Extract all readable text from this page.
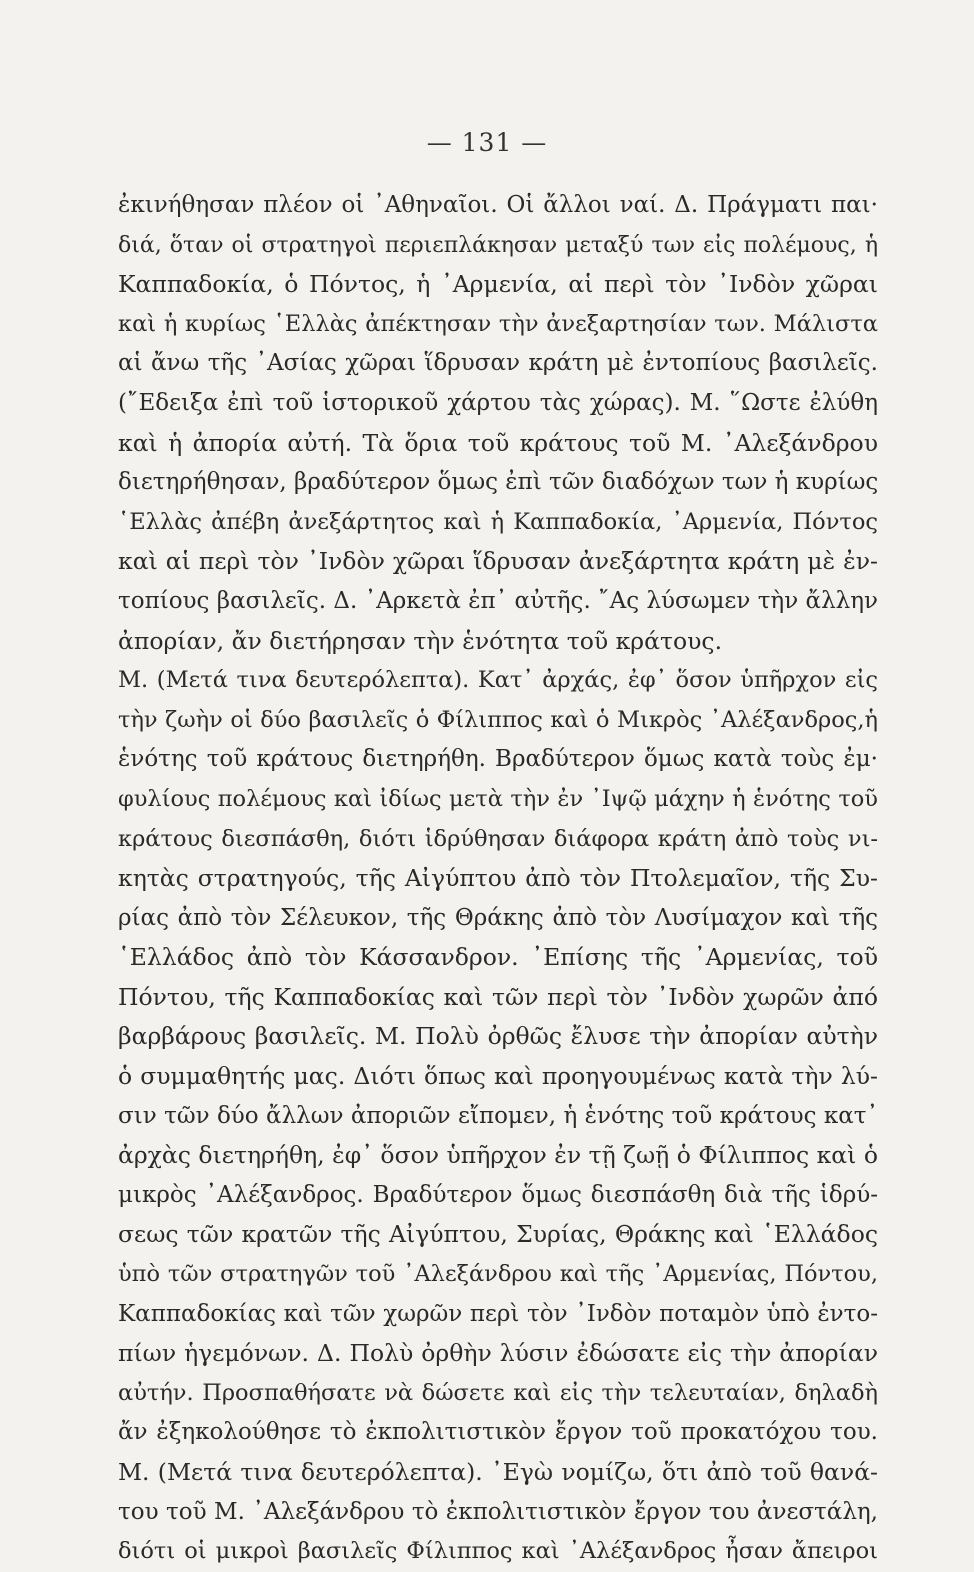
— 131 —
ἐκινήθησαν πλέον οἱ ᾿Αθηναῖοι. Οἱ ἄλλοι ναί. Δ. Πράγματι παι·
διά, ὅταν οἱ στρατηγοὶ περιεπλάκησαν μεταξύ των εἰς πολέμους, ἡ
Καππαδοκία, ὁ Πόντος, ἡ ᾿Αρμενία, αἱ περὶ τὸν ᾿Ινδὸν χῶραι
καὶ ἡ κυρίως ῾Ελλὰς ἀπέκτησαν τὴν ἀνεξαρτησίαν των. Μάλιστα
αἱ ἄνω τῆς ᾿Ασίας χῶραι ἵδρυσαν κράτη μὲ ἐντοπίους βασιλεῖς.
(῎Εδειξα ἐπὶ τοῦ ἱστορικοῦ χάρτου τὰς χώρας). Μ. ῞Ωστε ἐλύθη
καὶ ἡ ἀπορία αὐτή. Τὰ ὅρια τοῦ κράτους τοῦ Μ. ᾿Αλεξάνδρου
διετηρήθησαν, βραδύτερον ὅμως ἐπὶ τῶν διαδόχων των ἡ κυρίως
῾Ελλὰς ἀπέβη ἀνεξάρτητος καὶ ἡ Καππαδοκία, ᾿Αρμενία, Πόντος
καὶ αἱ περὶ τὸν ᾿Ινδὸν χῶραι ἵδρυσαν ἀνεξάρτητα κράτη μὲ ἐν-
τοπίους βασιλεῖς. Δ. ᾿Αρκετὰ ἐπ᾿ αὐτῆς. ῎Ας λύσωμεν τὴν ἄλλην
ἀπορίαν, ἄν διετήρησαν τὴν ἑνότητα τοῦ κράτους.
Μ. (Μετά τινα δευτερόλεπτα). Κατ᾿ ἀρχάς, ἐφ᾿ ὅσον ὑπῆρχον εἰς
τὴν ζωὴν οἱ δύο βασιλεῖς ὁ Φίλιππος καὶ ὁ Μικρὸς ᾿Αλέξανδρος,ἡ
ἑνότης τοῦ κράτους διετηρήθη. Βραδύτερον ὅμως κατὰ τοὺς ἐμ·
φυλίους πολέμους καὶ ἰδίως μετὰ τὴν ἐν ᾿Ιψῷ μάχην ἡ ἑνότης τοῦ
κράτους διεσπάσθη, διότι ἱδρύθησαν διάφορα κράτη ἀπὸ τοὺς νι-
κητὰς στρατηγούς, τῆς Αἰγύπτου ἀπὸ τὸν Πτολεμαῖον, τῆς Συ-
ρίας ἀπὸ τὸν Σέλευκον, τῆς Θράκης ἀπὸ τὸν Λυσίμαχον καὶ τῆς
῾Ελλάδος ἀπὸ τὸν Κάσσανδρον. ᾿Επίσης τῆς ᾿Αρμενίας, τοῦ
Πόντου, τῆς Καππαδοκίας καὶ τῶν περὶ τὸν ᾿Ινδὸν χωρῶν ἀπό
βαρβάρους βασιλεῖς. Μ. Πολὺ ὀρθῶς ἔλυσε τὴν ἀπορίαν αὐτὴν
ὁ συμμαθητής μας. Διότι ὅπως καὶ προηγουμένως κατὰ τὴν λύ-
σιν τῶν δύο ἄλλων ἀποριῶν εἴπομεν, ἡ ἑνότης τοῦ κράτους κατ᾿
ἀρχὰς διετηρήθη, ἐφ᾿ ὅσον ὑπῆρχον ἐν τῇ ζωῇ ὁ Φίλιππος καὶ ὁ
μικρὸς ᾿Αλέξανδρος. Βραδύτερον ὅμως διεσπάσθη διὰ τῆς ἱδρύ-
σεως τῶν κρατῶν τῆς Αἰγύπτου, Συρίας, Θράκης καὶ ῾Ελλάδος
ὑπὸ τῶν στρατηγῶν τοῦ ᾿Αλεξάνδρου καὶ τῆς ᾿Αρμενίας, Πόντου,
Καππαδοκίας καὶ τῶν χωρῶν περὶ τὸν ᾿Ινδὸν ποταμὸν ὑπὸ ἐντο-
πίων ἡγεμόνων. Δ. Πολὺ ὀρθὴν λύσιν ἐδώσατε εἰς τὴν ἀπορίαν
αὐτήν. Προσπαθήσατε νὰ δώσετε καὶ εἰς τὴν τελευταίαν, δηλαδὴ
ἄν ἐξηκολούθησε τὸ ἐκπολιτιστικὸν ἔργον τοῦ προκατόχου του.
Μ. (Μετά τινα δευτερόλεπτα). ᾿Εγὼ νομίζω, ὅτι ἀπὸ τοῦ θανά-
του τοῦ Μ. ᾿Αλεξάνδρου τὸ ἐκπολιτιστικὸν ἔργον του ἀνεστάλη,
διότι οἱ μικροὶ βασιλεῖς Φίλιππος καὶ ᾿Αλέξανδρος ἦσαν ἄπειροι
